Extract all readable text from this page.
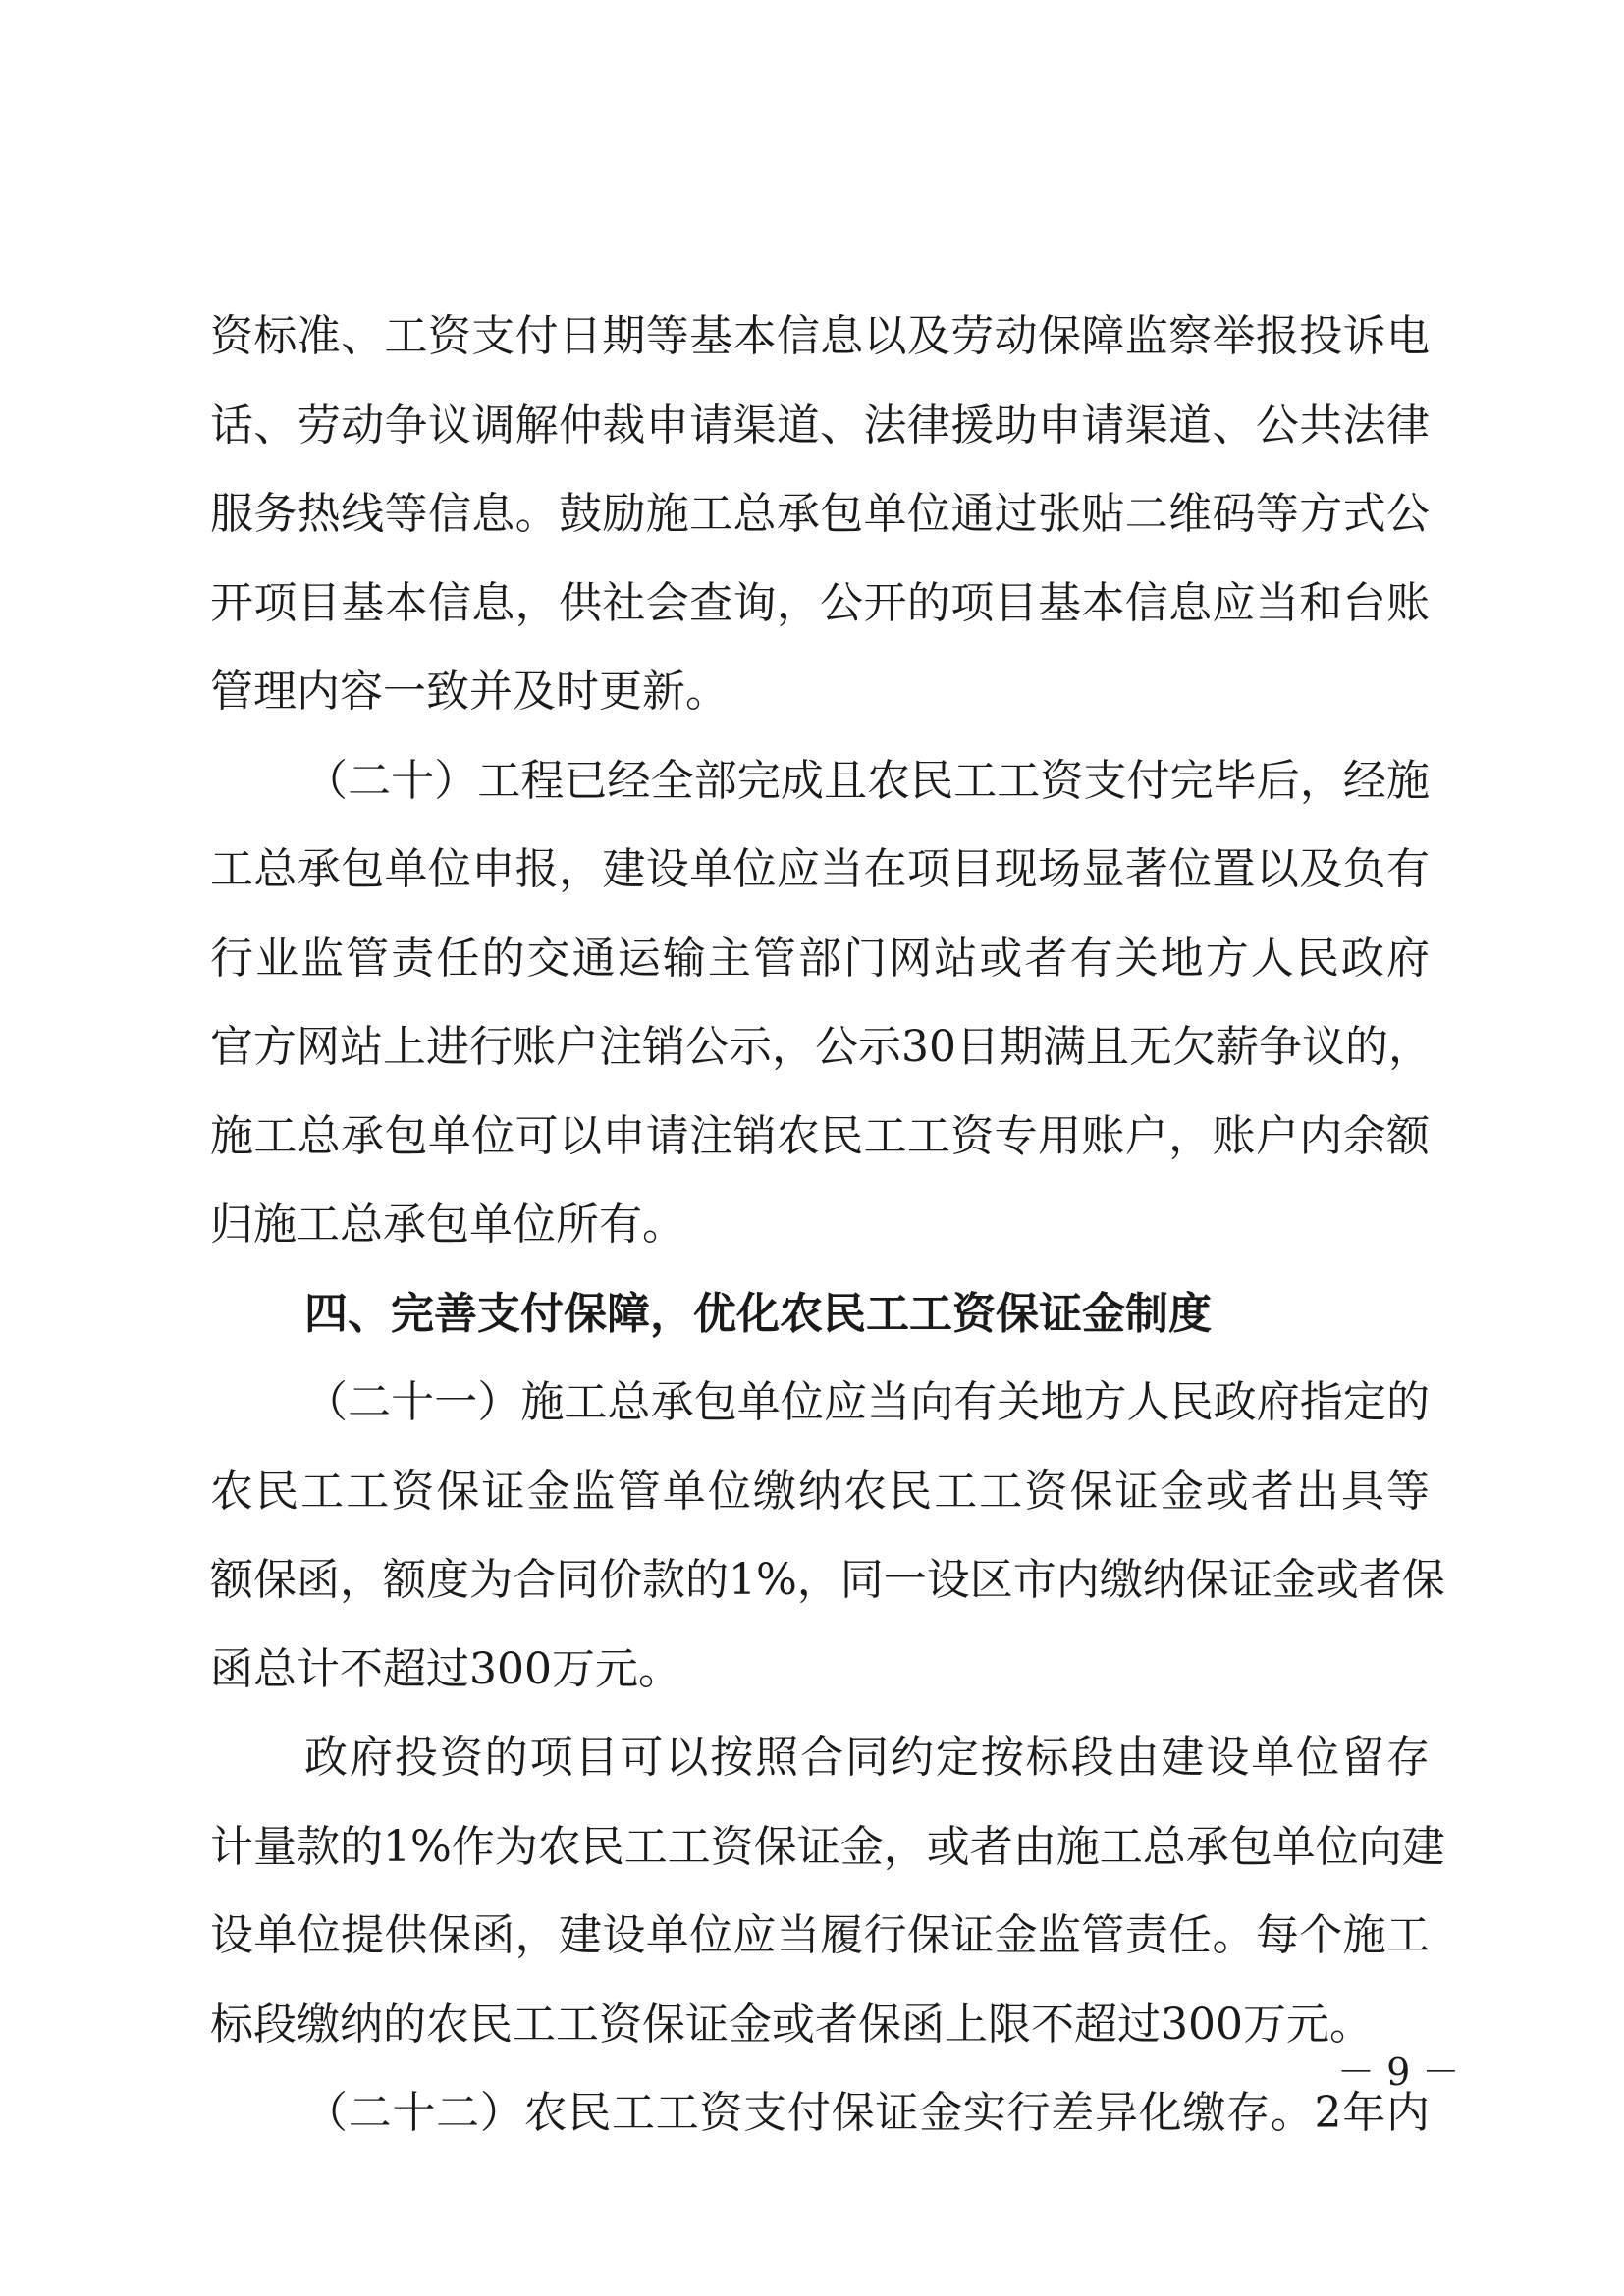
资标准、工资支付日期等基本信息以及劳动保障监察举报投诉电
话、劳动争议调解仲裁申请渠道、法律援助申请渠道、公共法律
服务热线等信息。鼓励施工总承包单位通过张贴二维码等方式公
开项目基本信息，供社会查询，公开的项目基本信息应当和台账
管理内容一致并及时更新。
（二十）工程已经全部完成且农民工工资支付完毕后，经施
工总承包单位申报，建设单位应当在项目现场显著位置以及负有
行业监管责任的交通运输主管部门网站或者有关地方人民政府
官方网站上进行账户注销公示，公示30日期满且无欠薪争议的，
施工总承包单位可以申请注销农民工工资专用账户，账户内余额
归施工总承包单位所有。
四、完善支付保障，优化农民工工资保证金制度
（二十一）施工总承包单位应当向有关地方人民政府指定的
农民工工资保证金监管单位缴纳农民工工资保证金或者出具等
额保函，额度为合同价款的1%，同一设区市内缴纳保证金或者保
函总计不超过300万元。
政府投资的项目可以按照合同约定按标段由建设单位留存
计量款的1%作为农民工工资保证金，或者由施工总承包单位向建
设单位提供保函，建设单位应当履行保证金监管责任。每个施工
标段缴纳的农民工工资保证金或者保函上限不超过300万元。
（二十二）农民工工资支付保证金实行差异化缴存。2年内
－ 9 －
